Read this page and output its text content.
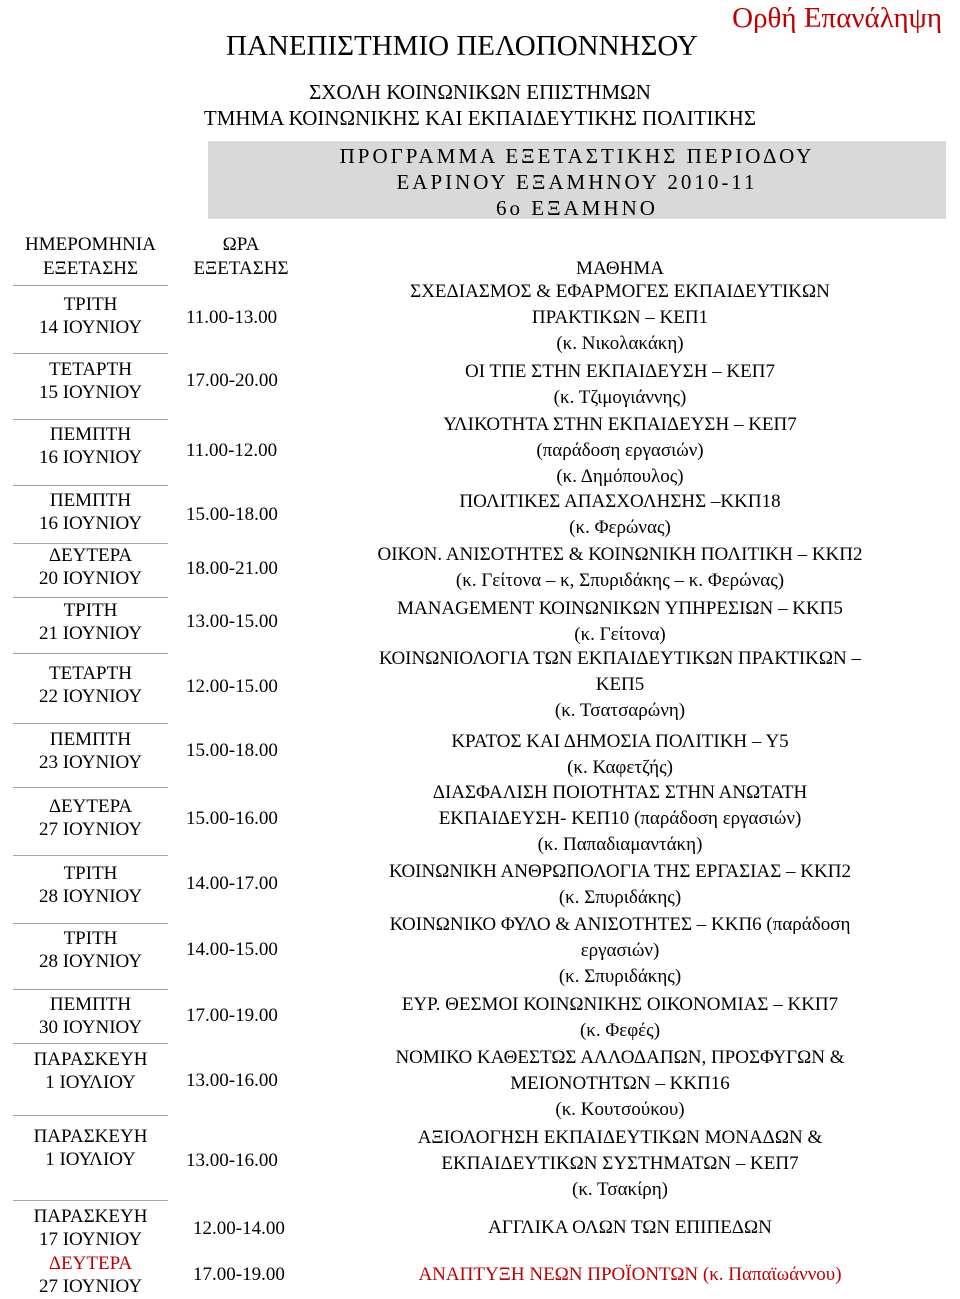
Ορθή Επανάληψη
ΠΑΝΕΠΙΣΤΗΜΙΟ ΠΕΛΟΠΟΝΝΗΣΟΥ
ΣΧΟΛΗ ΚΟΙΝΩΝΙΚΩΝ ΕΠΙΣΤΗΜΩΝ
ΤΜΗΜΑ ΚΟΙΝΩΝΙΚΗΣ ΚΑΙ ΕΚΠΑΙΔΕΥΤΙΚΗΣ ΠΟΛΙΤΙΚΗΣ
ΠΡΟΓΡΑΜΜΑ ΕΞΕΤΑΣΤΙΚΗΣ ΠΕΡΙΟΔΟΥ
ΕΑΡΙΝΟΥ ΕΞΑΜΗΝΟΥ 2010-11
6ο ΕΞΑΜΗΝΟ
ΗΜΕΡΟΜΗΝΙΑ
ΕΞΕΤΑΣΗΣ
ΤΡΙΤΗ
14 ΙΟΥΝΙΟΥ
ΤΕΤΑΡΤΗ
15 ΙΟΥΝΙΟΥ
ΠΕΜΠΤΗ
16 ΙΟΥΝΙΟΥ
ΠΕΜΠΤΗ
16 ΙΟΥΝΙΟΥ
ΔΕΥΤΕΡΑ
20 ΙΟΥΝΙΟΥ
ΤΡΙΤΗ
21 ΙΟΥΝΙΟΥ
ΤΕΤΑΡΤΗ
22 ΙΟΥΝΙΟΥ
ΠΕΜΠΤΗ
23 ΙΟΥΝΙΟΥ
ΔΕΥΤΕΡΑ
27 ΙΟΥΝΙΟΥ
ΤΡΙΤΗ
28 ΙΟΥΝΙΟΥ
ΤΡΙΤΗ
28 ΙΟΥΝΙΟΥ
ΠΕΜΠΤΗ
30 ΙΟΥΝΙΟΥ
ΠΑΡΑΣΚΕΥΗ
1 ΙΟΥΛΙΟΥ
ΠΑΡΑΣΚΕΥΗ
1 ΙΟΥΛΙΟΥ
ΠΑΡΑΣΚΕΥΗ
17 ΙΟΥΝΙΟΥ
ΔΕΥΤΕΡΑ
27 ΙΟΥΝΙΟΥ
ΩΡΑ
ΕΞΕΤΑΣΗΣ	ΜΑΘΗΜΑ
11.00-13.00
17.00-20.00
11.00-12.00
15.00-18.00
18.00-21.00
13.00-15.00
12.00-15.00
15.00-18.00
15.00-16.00
14.00-17.00
14.00-15.00
17.00-19.00
13.00-16.00
13.00-16.00
12.00-14.00
17.00-19.00
ΣΧΕΔΙΑΣΜΟΣ & ΕΦΑΡΜΟΓΕΣ ΕΚΠΑΙΔΕΥΤΙΚΩΝ
ΠΡΑΚΤΙΚΩΝ – ΚΕΠ1
(κ. Νικολακάκη)
ΟΙ ΤΠΕ ΣΤΗΝ ΕΚΠΑΙΔΕΥΣΗ – ΚΕΠ7
(κ. Τζιμογιάννης)
ΥΛΙΚΟΤΗΤΑ ΣΤΗΝ ΕΚΠΑΙΔΕΥΣΗ – ΚΕΠ7
(παράδοση εργασιών)
(κ. Δημόπουλος)
ΠΟΛΙΤΙΚΕΣ ΑΠΑΣΧΟΛΗΣΗΣ –ΚΚΠ18
(κ. Φερώνας)
ΟΙΚΟΝ. ΑΝΙΣΟΤΗΤΕΣ & ΚΟΙΝΩΝΙΚΗ ΠΟΛΙΤΙΚΗ – ΚΚΠ2
(κ. Γείτονα – κ, Σπυριδάκης – κ. Φερώνας)
MANAGEMENT ΚΟΙΝΩΝΙΚΩΝ ΥΠΗΡΕΣΙΩΝ – ΚΚΠ5
(κ. Γείτονα)
ΚΟΙΝΩΝΙΟΛΟΓΙΑ ΤΩΝ ΕΚΠΑΙΔΕΥΤΙΚΩΝ ΠΡΑΚΤΙΚΩΝ –
ΚΕΠ5
(κ. Τσατσαρώνη)
ΚΡΑΤΟΣ ΚΑΙ ΔΗΜΟΣΙΑ ΠΟΛΙΤΙΚΗ – Υ5
(κ. Καφετζής)
ΔΙΑΣΦΑΛΙΣΗ ΠΟΙΟΤΗΤΑΣ ΣΤΗΝ ΑΝΩΤΑΤΗ
ΕΚΠΑΙΔΕΥΣΗ- ΚΕΠ10 (παράδοση εργασιών)
(κ. Παπαδιαμαντάκη)
ΚΟΙΝΩΝΙΚΗ ΑΝΘΡΩΠΟΛΟΓΙΑ ΤΗΣ ΕΡΓΑΣΙΑΣ – ΚΚΠ2
(κ. Σπυριδάκης)
ΚΟΙΝΩΝΙΚΟ ΦΥΛΟ & ΑΝΙΣΟΤΗΤΕΣ – ΚΚΠ6 (παράδοση
εργασιών)
(κ. Σπυριδάκης)
ΕΥΡ. ΘΕΣΜΟΙ ΚΟΙΝΩΝΙΚΗΣ ΟΙΚΟΝΟΜΙΑΣ – ΚΚΠ7
(κ. Φεφές)
ΝΟΜΙΚΟ ΚΑΘΕΣΤΩΣ ΑΛΛΟΔΑΠΩΝ, ΠΡΟΣΦΥΓΩΝ &
ΜΕΙΟΝΟΤΗΤΩΝ – ΚΚΠ16
(κ. Κουτσούκου)
ΑΞΙΟΛΟΓΗΣΗ ΕΚΠΑΙΔΕΥΤΙΚΩΝ ΜΟΝΑΔΩΝ &
ΕΚΠΑΙΔΕΥΤΙΚΩΝ ΣΥΣΤΗΜΑΤΩΝ – ΚΕΠ7
(κ. Τσακίρη)
ΑΓΓΛΙΚΑ ΟΛΩΝ ΤΩΝ ΕΠΙΠΕΔΩΝ
ΑΝΑΠΤΥΞΗ ΝΕΩΝ ΠΡΟΪΟΝΤΩΝ (κ. Παπαϊωάννου)
